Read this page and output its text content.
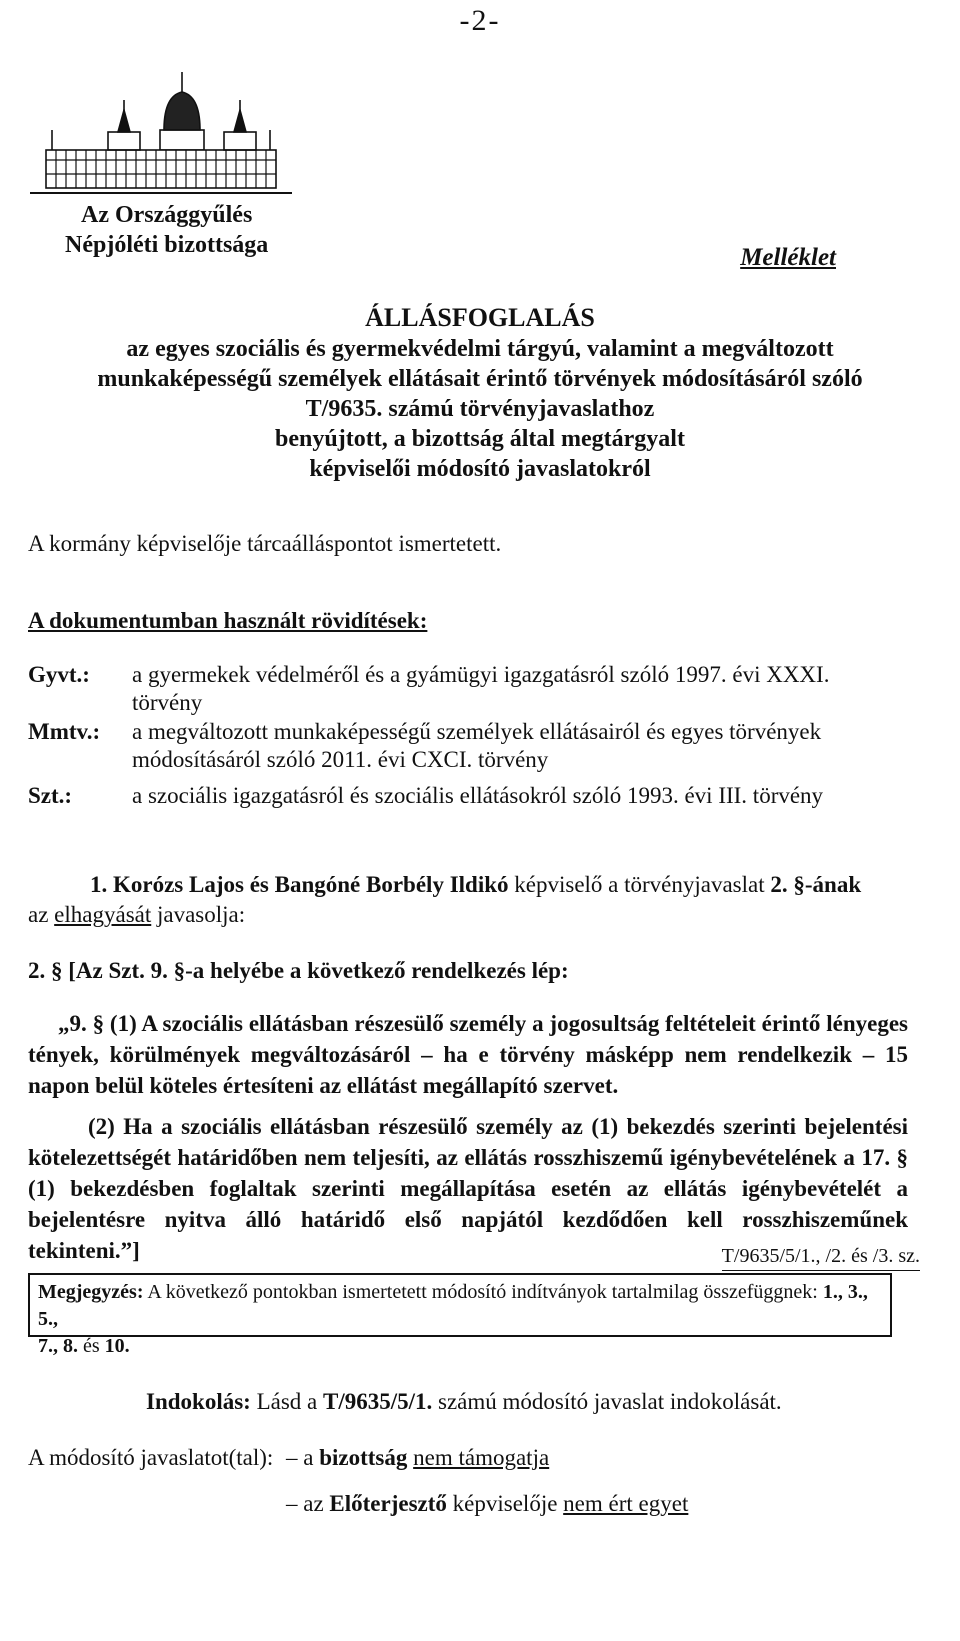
-2-
Az Országgyűlés
Népjóléti bizottsága	Melléklet
ÁLLÁSFOGLALÁS
az egyes szociális és gyermekvédelmi tárgyú, valamint a megváltozott
munkaképességű személyek ellátásait érintő törvények módosításáról szóló
T/9635. számú törvényjavaslathoz
benyújtott, a bizottság által megtárgyalt
képviselői módosító javaslatokról
A kormány képviselője tárcaálláspontot ismertetett.
A dokumentumban használt rövidítések:
Gyvt.: a gyermekek védelméről és a gyámügyi igazgatásról szóló 1997. évi XXXI.
törvény
Mmtv.: a megváltozott munkaképességű személyek ellátásairól és egyes törvények
módosításáról szóló 2011. évi CXCI. törvény
Szt.:	a szociális igazgatásról és szociális ellátásokról szóló 1993. évi III. törvény
1. Korózs Lajos és Bangóné Borbély Ildikó képviselő a törvényjavaslat 2. §-ának
az elhagyását javasolja:
2. § [Az Szt. 9. §-a helyébe a következő rendelkezés lép:
„9. § (1) A szociális ellátásban részesülő személy a jogosultság feltételeit érintő lényeges tények, körülmények megváltozásáról – ha e törvény másképp nem rendelkezik – 15 napon belül köteles értesíteni az ellátást megállapító szervet.
(2) Ha a szociális ellátásban részesülő személy az (1) bekezdés szerinti bejelentési kötelezettségét határidőben nem teljesíti, az ellátás rosszhiszemű igénybevételének a 17. § (1) bekezdésben foglaltak szerinti megállapítása esetén az ellátás igénybevételét a bejelentésre nyitva álló határidő első napjától kezdődően kell rosszhiszeműnek tekinteni.”]	T/9635/5/1., /2. és /3. sz.
Megjegyzés: A következő pontokban ismertetett módosító indítványok tartalmilag összefüggnek: 1., 3., 5.,
7., 8. és 10.
Indokolás: Lásd a T/9635/5/1. számú módosító javaslat indokolását.
A módosító javaslatot(tal): – a bizottság nem támogatja
– az Előterjesztő képviselője nem ért egyet
